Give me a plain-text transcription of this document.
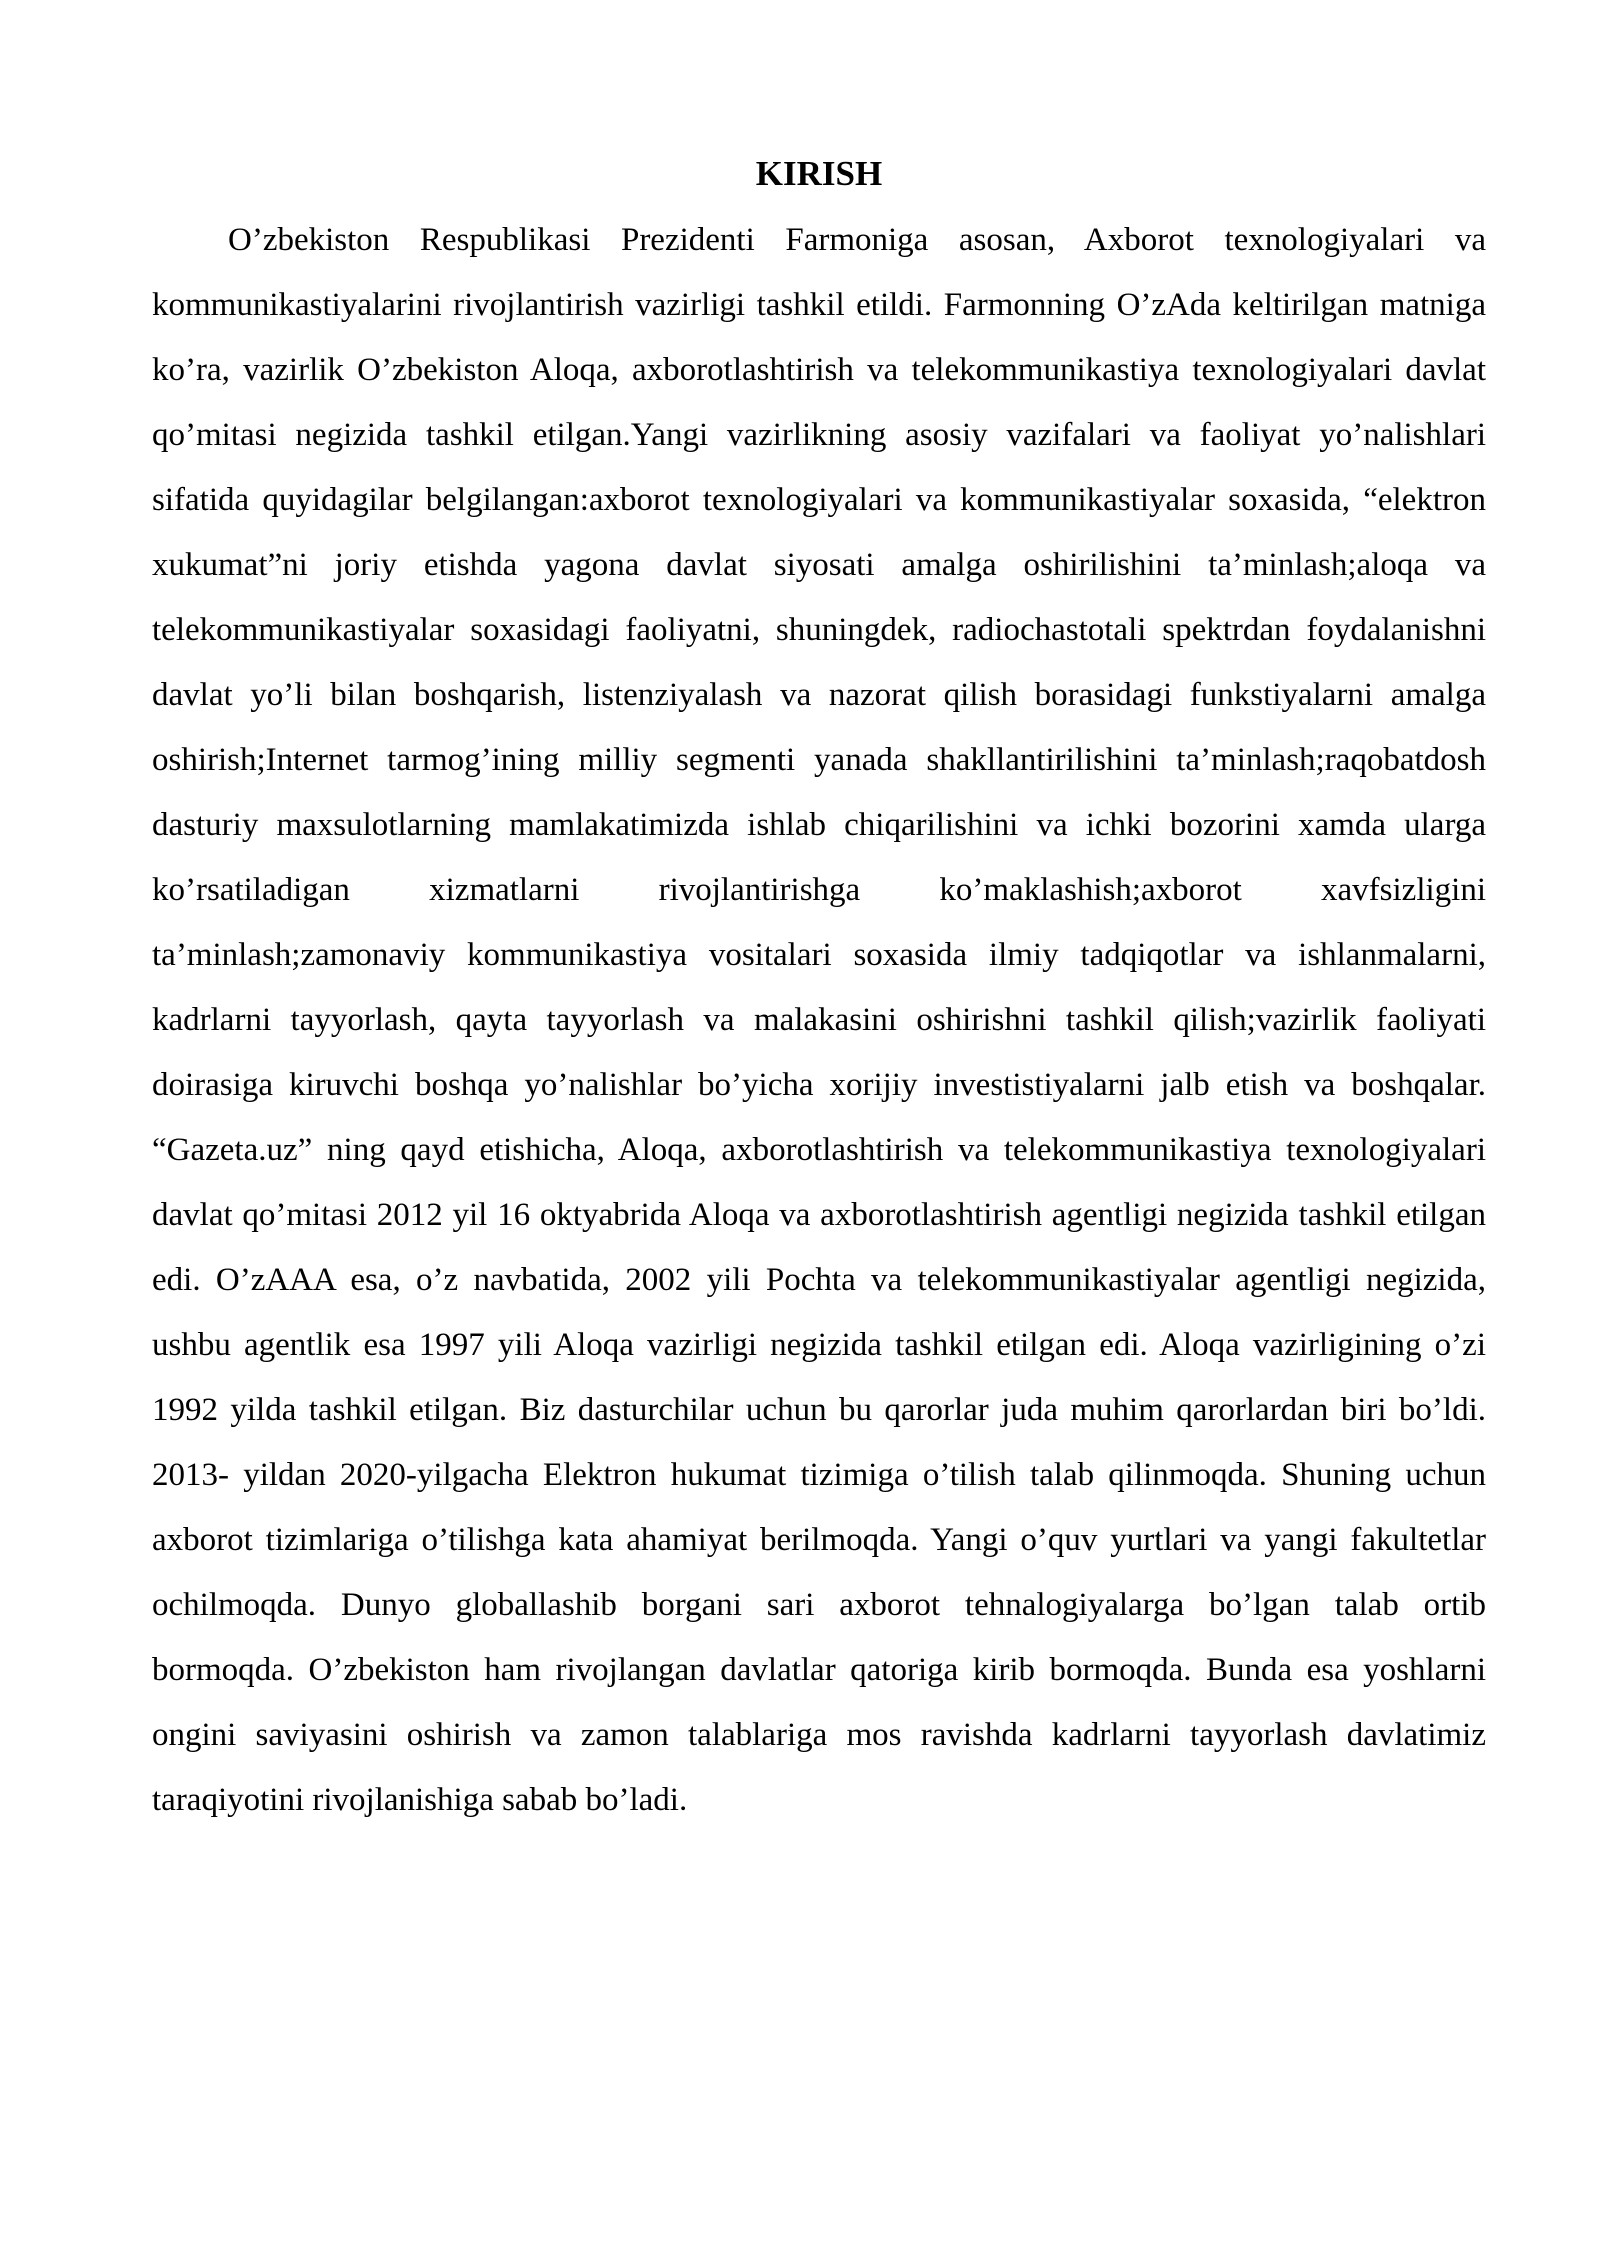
KIRISH

O’zbekiston Respublikasi Prezidenti Farmoniga asosan, Axborot texnologiyalari va kommunikastiyalarini rivojlantirish vazirligi tashkil etildi. Farmonning O’zAda keltirilgan matniga ko’ra, vazirlik O’zbekiston Aloqa, axborotlashtirish va telekommunikastiya texnologiyalari davlat qo’mitasi negizida tashkil etilgan.Yangi vazirlikning asosiy vazifalari va faoliyat yo’nalishlari sifatida quyidagilar belgilangan:axborot texnologiyalari va kommunikastiyalar soxasida, “elektron xukumat”ni joriy etishda yagona davlat siyosati amalga oshirilishini ta’minlash;aloqa va telekommunikastiyalar soxasidagi faoliyatni, shuningdek, radiochastotali spektrdan foydalanishni davlat yo’li bilan boshqarish, listenziyalash va nazorat qilish borasidagi funkstiyalarni amalga oshirish;Internet tarmog’ining milliy segmenti yanada shakllantirilishini ta’minlash;raqobatdosh dasturiy maxsulotlarning mamlakatimizda ishlab chiqarilishini va ichki bozorini xamda ularga ko’rsatiladigan xizmatlarni rivojlantirishga ko’maklashish;axborot xavfsizligini ta’minlash;zamonaviy kommunikastiya vositalari soxasida ilmiy tadqiqotlar va ishlanmalarni, kadrlarni tayyorlash, qayta tayyorlash va malakasini oshirishni tashkil qilish;vazirlik faoliyati doirasiga kiruvchi boshqa yo’nalishlar bo’yicha xorijiy investistiyalarni jalb etish va boshqalar. “Gazeta.uz” ning qayd etishicha, Aloqa, axborotlashtirish va telekommunikastiya texnologiyalari davlat qo’mitasi 2012 yil 16 oktyabrida Aloqa va axborotlashtirish agentligi negizida tashkil etilgan edi. O’zAAA esa, o’z navbatida, 2002 yili Pochta va telekommunikastiyalar agentligi negizida, ushbu agentlik esa 1997 yili Aloqa vazirligi negizida tashkil etilgan edi. Aloqa vazirligining o’zi 1992 yilda tashkil etilgan. Biz dasturchilar uchun bu qarorlar juda muhim qarorlardan biri bo’ldi. 2013- yildan 2020-yilgacha Elektron hukumat tizimiga o’tilish talab qilinmoqda. Shuning uchun axborot tizimlariga o’tilishga kata ahamiyat berilmoqda. Yangi o’quv yurtlari va yangi fakultetlar ochilmoqda. Dunyo globallashib borgani sari axborot tehnalogiyalarga bo’lgan talab ortib bormoqda. O’zbekiston ham rivojlangan davlatlar qatoriga kirib bormoqda. Bunda esa yoshlarni ongini saviyasini oshirish va zamon talablariga mos ravishda kadrlarni tayyorlash davlatimiz taraqiyotini rivojlanishiga sabab bo’ladi.
